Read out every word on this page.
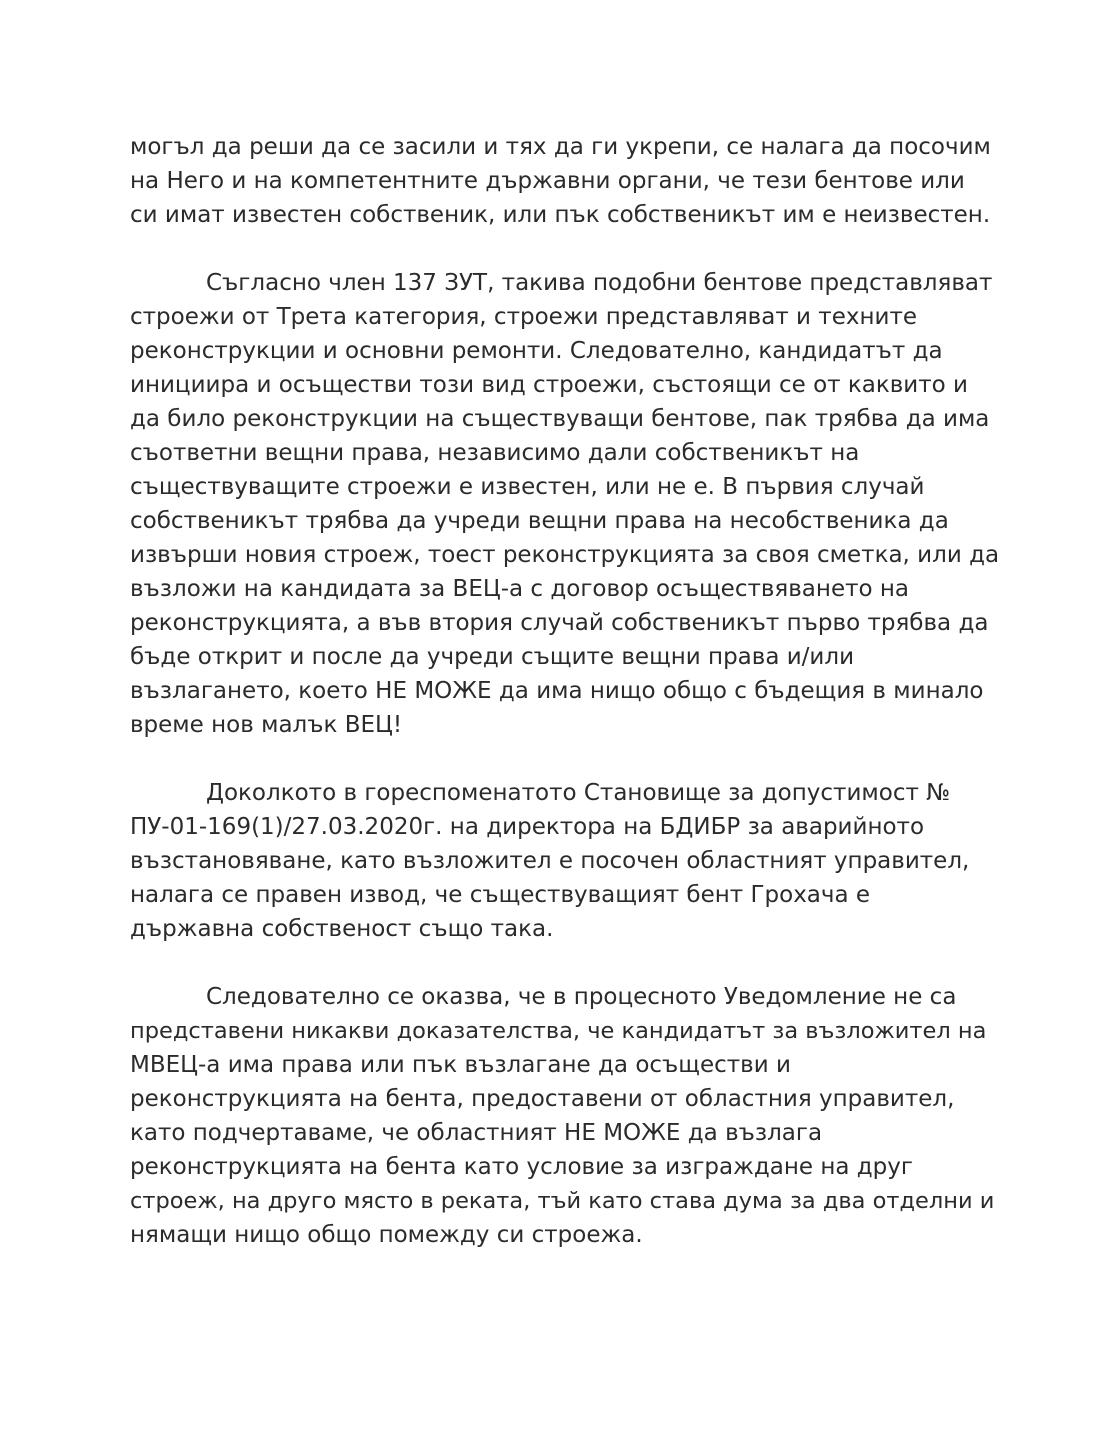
могъл да реши да се засили и тях да ги укрепи, се налага да посочим
на Него и на компетентните държавни органи, че тези бентове или
си имат известен собственик, или пък собственикът им е неизвестен.
Съгласно член 137 ЗУТ, такива подобни бентове представляват
строежи от Трета категория, строежи представляват и техните
реконструкции и основни ремонти. Следователно, кандидатът да
инициира и осъществи този вид строежи, състоящи се от каквито и
да било реконструкции на съществуващи бентове, пак трябва да има
съответни вещни права, независимо дали собственикът на
съществуващите строежи е известен, или не е. В първия случай
собственикът трябва да учреди вещни права на несобственика да
извърши новия строеж, тоест реконструкцията за своя сметка, или да
възложи на кандидата за ВЕЦ-а с договор осъществяването на
реконструкцията, а във втория случай собственикът първо трябва да
бъде открит и после да учреди същите вещни права и/или
възлагането, което НЕ МОЖЕ да има нищо общо с бъдещия в минало
време нов малък ВЕЦ!
Доколкото в гореспоменатото Становище за допустимост №
ПУ-01-169(1)/27.03.2020г. на директора на БДИБР за аварийното
възстановяване, като възложител е посочен областният управител,
налага се правен извод, че съществуващият бент Грохача е
държавна собственост също така.
Следователно се оказва, че в процесното Уведомление не са
представени никакви доказателства, че кандидатът за възложител на
МВЕЦ-а има права или пък възлагане да осъществи и
реконструкцията на бента, предоставени от областния управител,
като подчертаваме, че областният НЕ МОЖЕ да възлага
реконструкцията на бента като условие за изграждане на друг
строеж, на друго място в реката, тъй като става дума за два отделни и
нямащи нищо общо помежду си строежа.
